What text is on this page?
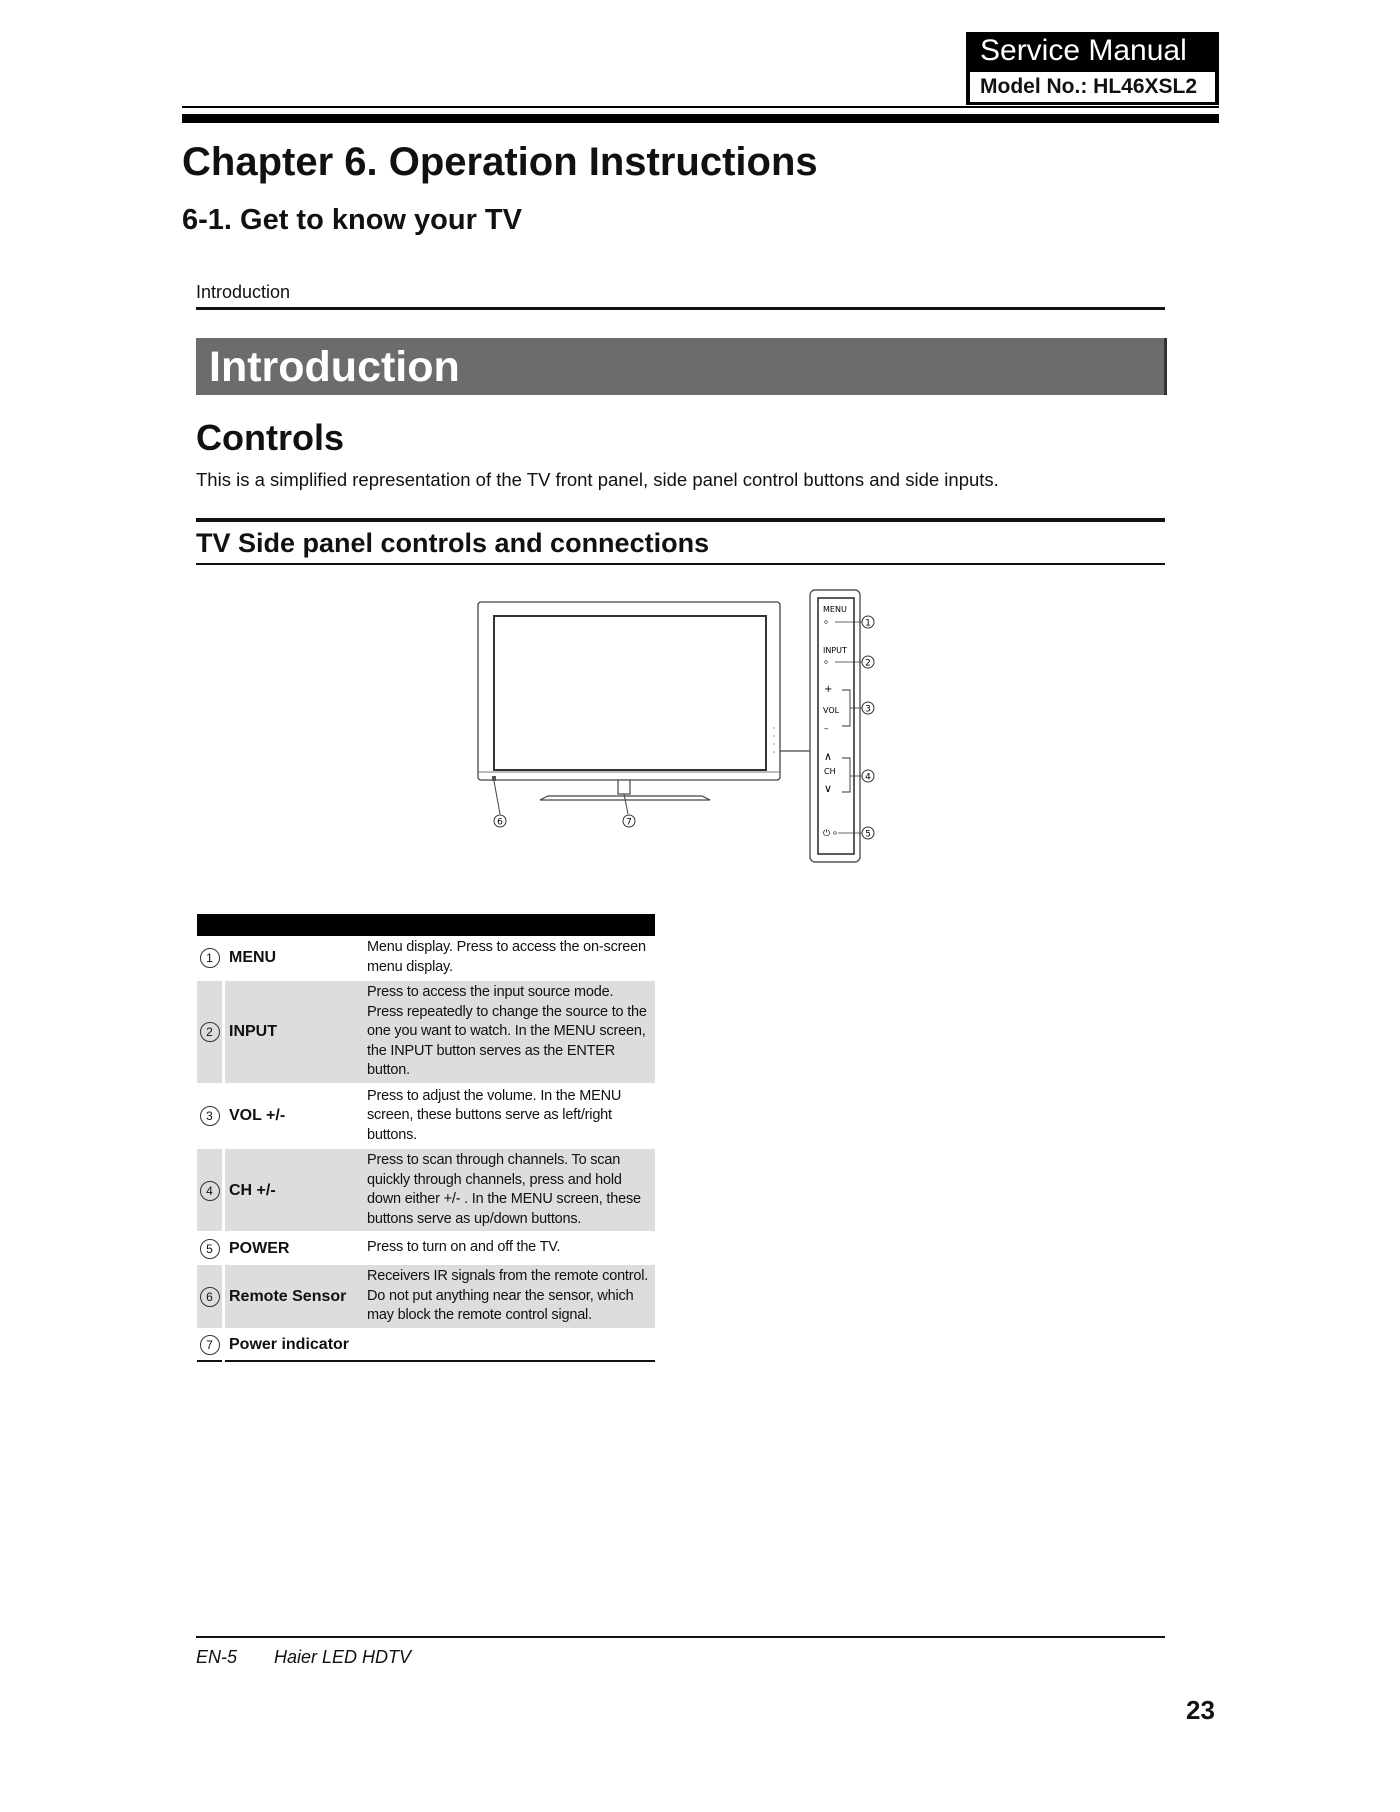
Service Manual
Model No.: HL46XSL2
Chapter 6. Operation Instructions
6-1. Get to know your TV
Introduction
Introduction
Controls
This is a simplified representation of the TV front panel, side panel control buttons and side inputs.
TV Side panel controls and connections
6	7
MENU
INPUT
+
VOL
–
∧
CH
∨
⏻
1
2
3
4
5

1	MENU	Menu display. Press to access the on-screen menu display.
2	INPUT	Press to access the input source mode. Press repeatedly to change the source to the one you want to watch. In the MENU screen, the INPUT button serves as the ENTER button.
3	VOL +/-	Press to adjust the volume. In the MENU screen, these buttons serve as left/right buttons.
4	CH +/-	Press to scan through channels. To scan quickly through channels, press and hold down either +/- . In the MENU screen, these buttons serve as up/down buttons.
5	POWER	Press to turn on and off the TV.
6	Remote Sensor	Receivers IR signals from the remote control. Do not put anything near the sensor, which may block the remote control signal.
7	Power indicator	
EN-5 Haier LED HDTV
23
